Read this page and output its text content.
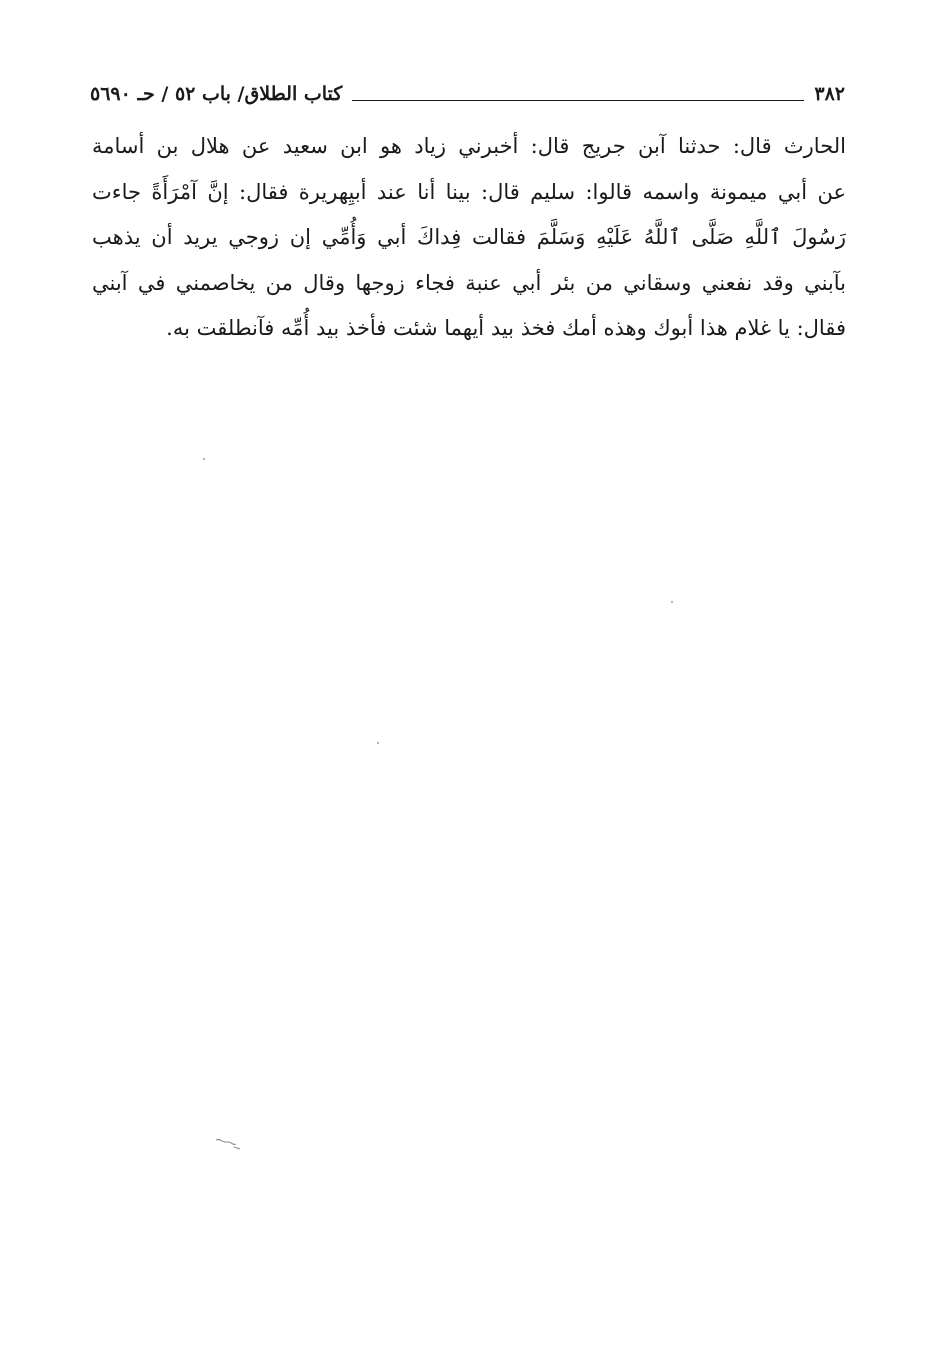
٣٨٢
كتاب الطلاق/ باب ٥٢ / حـ ٥٦٩٠
الحارث قال: حدثنا آبن جريج قال: أخبرني زياد هو ابن سعيد عن هلال بن أسامة
عن أبي ميمونة واسمه قالوا: سليم قال: بينا أنا عند أبيِهريرة فقال: إنَّ آمْرَأَةً جاءت
رَسُولَ ٱللَّهِ صَلَّى ٱللَّهُ عَلَيْهِ وَسَلَّمَ فقالت فِداكَ أبي وَأُمِّي إن زوجي يريد أن يذهب
بآبني وقد نفعني وسقاني من بئر أبي عنبة فجاء زوجها وقال من يخاصمني في آبني
فقال: يا غلام هذا أبوك وهذه أمك فخذ بيد أيهما شئت فأخذ بيد أُمِّه فآنطلقت به.
